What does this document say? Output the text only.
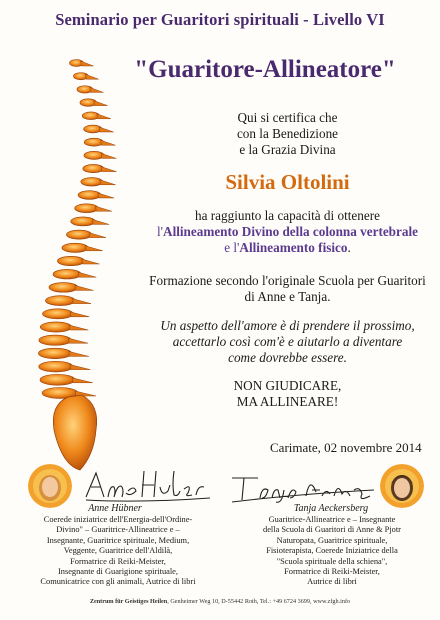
Seminario per Guaritori spirituali - Livello VI
"Guaritore-Allineatore"
Qui si certifica che
con la Benedizione
e la Grazia Divina
Silvia Oltolini
ha raggiunto la capacità di ottenere
l'Allineamento Divino della colonna vertebrale
e l'Allineamento fisico.
Formazione secondo l'originale Scuola per Guaritori
di Anne e Tanja.
Un aspetto dell'amore è di prendere il prossimo,
accettarlo così com'è e aiutarlo a diventare
come dovrebbe essere.
NON GIUDICARE,
MA ALLINEARE!
Carimate, 02 novembre 2014
Anne Hübner	Tanja Aeckersberg
Coerede iniziatrice dell'Energia-dell'Ordine-
Divino" – Guaritrice-Allineatrice e –
Insegnante, Guaritrice spirituale, Medium,
Veggente, Guaritrice dell'Aldilà,
Formatrice di Reiki-Meister,
Insegnante di Guarigione spirituale,
Comunicatrice con gli animali, Autrice di libri
Guaritrice-Allineatrice e – Insegnante
della Scuola di Guaritori di Anne & Pjotr
Naturopata, Guaritrice spirituale,
Fisioterapista, Coerede Iniziatrice della
"Scuola spirituale della schiena",
Formatrice di Reiki-Meister,
Autrice di libri
Zentrum für Geistiges Heilen, Genheimer Weg 10, D-55442 Roth, Tel.: +49 6724 3699, www.zfgh.info
